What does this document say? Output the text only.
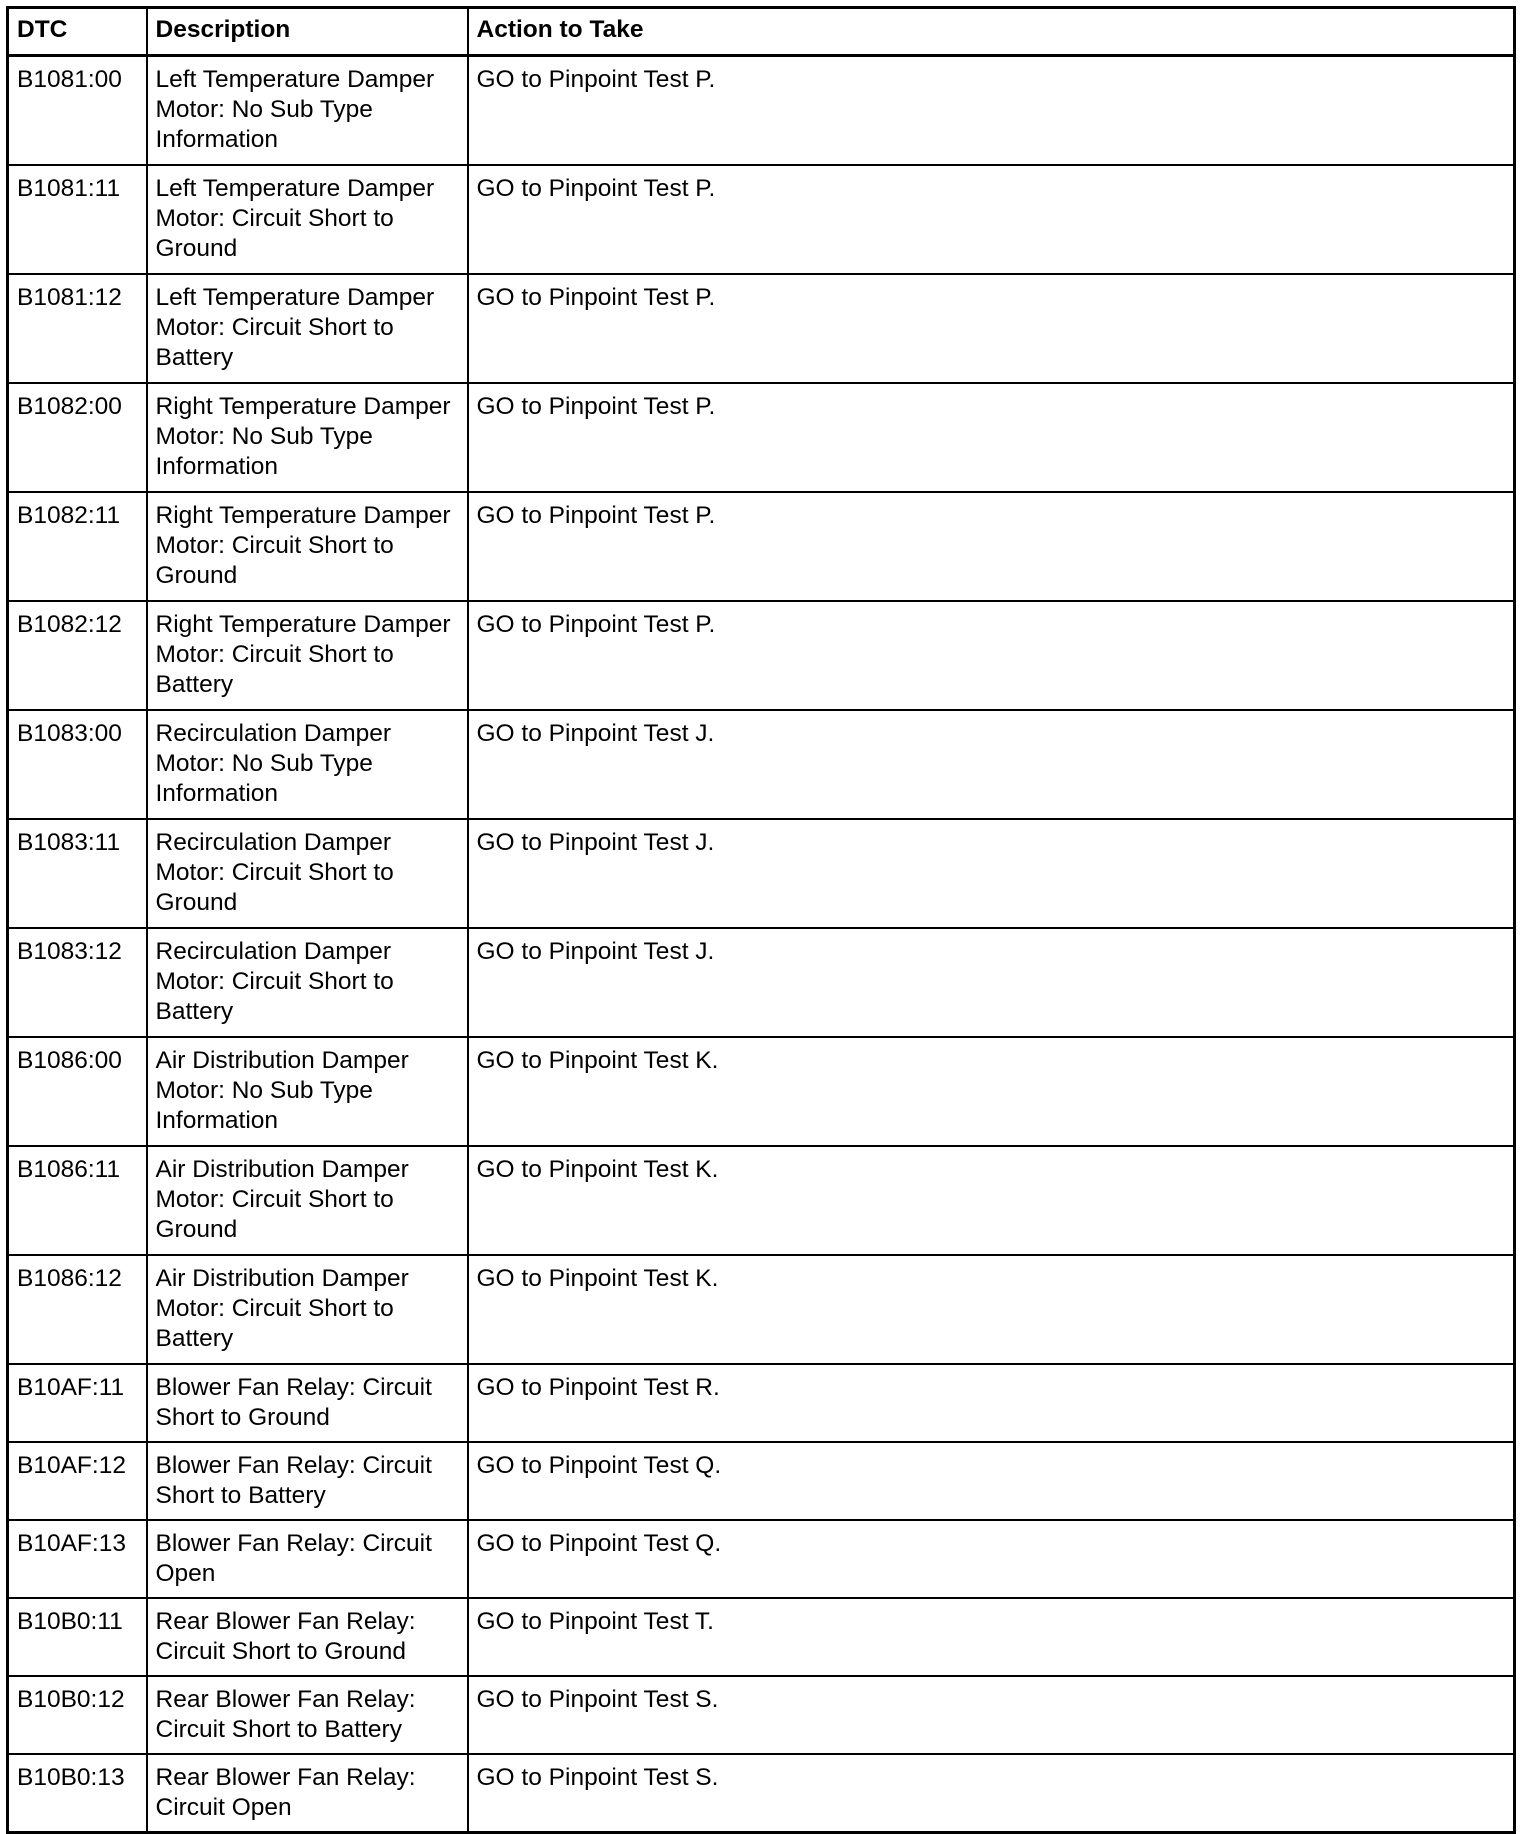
DTC	Description	Action to Take
B1081:00	Left Temperature Damper Motor: No Sub Type Information	GO to Pinpoint Test P.
B1081:11	Left Temperature Damper Motor: Circuit Short to Ground	GO to Pinpoint Test P.
B1081:12	Left Temperature Damper Motor: Circuit Short to Battery	GO to Pinpoint Test P.
B1082:00	Right Temperature Damper Motor: No Sub Type Information	GO to Pinpoint Test P.
B1082:11	Right Temperature Damper Motor: Circuit Short to Ground	GO to Pinpoint Test P.
B1082:12	Right Temperature Damper Motor: Circuit Short to Battery	GO to Pinpoint Test P.
B1083:00	Recirculation Damper Motor: No Sub Type Information	GO to Pinpoint Test J.
B1083:11	Recirculation Damper Motor: Circuit Short to Ground	GO to Pinpoint Test J.
B1083:12	Recirculation Damper Motor: Circuit Short to Battery	GO to Pinpoint Test J.
B1086:00	Air Distribution Damper Motor: No Sub Type Information	GO to Pinpoint Test K.
B1086:11	Air Distribution Damper Motor: Circuit Short to Ground	GO to Pinpoint Test K.
B1086:12	Air Distribution Damper Motor: Circuit Short to Battery	GO to Pinpoint Test K.
B10AF:11	Blower Fan Relay: Circuit Short to Ground	GO to Pinpoint Test R.
B10AF:12	Blower Fan Relay: Circuit Short to Battery	GO to Pinpoint Test Q.
B10AF:13	Blower Fan Relay: Circuit Open	GO to Pinpoint Test Q.
B10B0:11	Rear Blower Fan Relay: Circuit Short to Ground	GO to Pinpoint Test T.
B10B0:12	Rear Blower Fan Relay: Circuit Short to Battery	GO to Pinpoint Test S.
B10B0:13	Rear Blower Fan Relay: Circuit Open	GO to Pinpoint Test S.
